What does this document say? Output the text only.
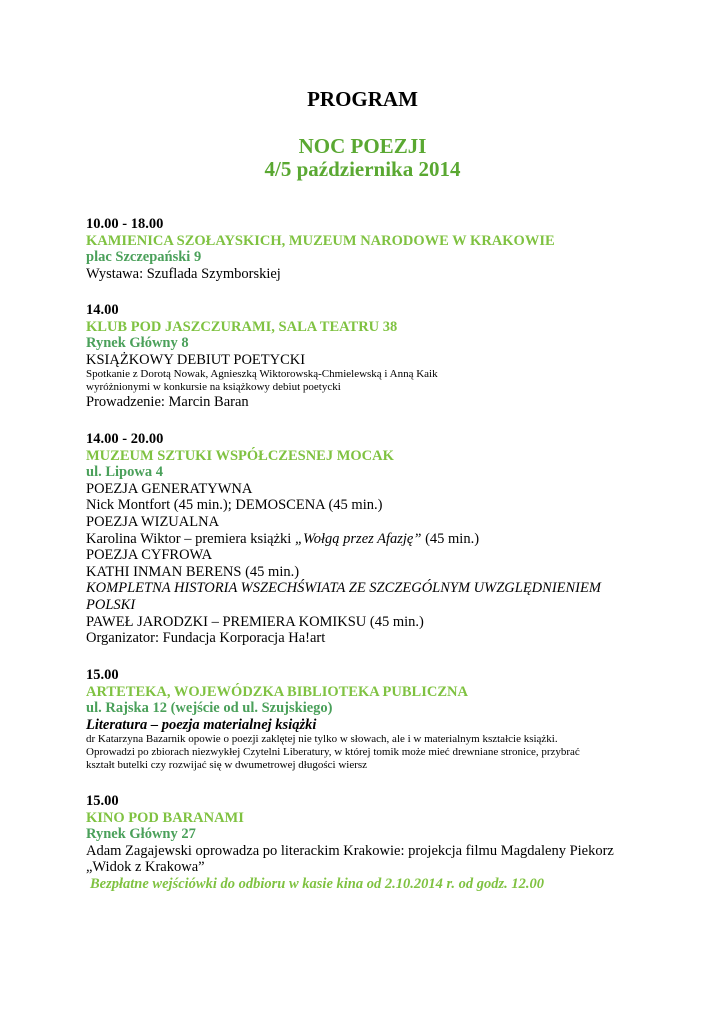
PROGRAM
NOC POEZJI
4/5 października 2014
10.00 - 18.00
KAMIENICA SZOŁAYSKICH, MUZEUM NARODOWE W KRAKOWIE
plac Szczepański 9
Wystawa: Szuflada Szymborskiej
14.00
KLUB POD JASZCZURAMI, SALA TEATRU 38
Rynek Główny 8
KSIĄŻKOWY DEBIUT POETYCKI
Spotkanie z Dorotą Nowak, Agnieszką Wiktorowską-Chmielewską i Anną Kaik
wyróżnionymi w konkursie na książkowy debiut poetycki
Prowadzenie: Marcin Baran
14.00 - 20.00
MUZEUM SZTUKI WSPÓŁCZESNEJ MOCAK
ul. Lipowa 4
POEZJA GENERATYWNA
Nick Montfort (45 min.); DEMOSCENA (45 min.)
POEZJA WIZUALNA
Karolina Wiktor – premiera książki „Wołgą przez Afazję” (45 min.)
POEZJA CYFROWA
KATHI INMAN BERENS (45 min.)
KOMPLETNA HISTORIA WSZECHŚWIATA ZE SZCZEGÓLNYM UWZGLĘDNIENIEM
POLSKI
PAWEŁ JARODZKI – PREMIERA KOMIKSU (45 min.)
Organizator: Fundacja Korporacja Ha!art
15.00
ARTETEKA, WOJEWÓDZKA BIBLIOTEKA PUBLICZNA
ul. Rajska 12 (wejście od ul. Szujskiego)
Literatura – poezja materialnej książki
dr Katarzyna Bazarnik opowie o poezji zaklętej nie tylko w słowach, ale i w materialnym kształcie książki.
Oprowadzi po zbiorach niezwykłej Czytelni Liberatury, w której tomik może mieć drewniane stronice, przybrać
kształt butelki czy rozwijać się w dwumetrowej długości wiersz
15.00
KINO POD BARANAMI
Rynek Główny 27
Adam Zagajewski oprowadza po literackim Krakowie: projekcja filmu Magdaleny Piekorz
„Widok z Krakowa”
Bezpłatne wejściówki do odbioru w kasie kina od 2.10.2014 r. od godz. 12.00
